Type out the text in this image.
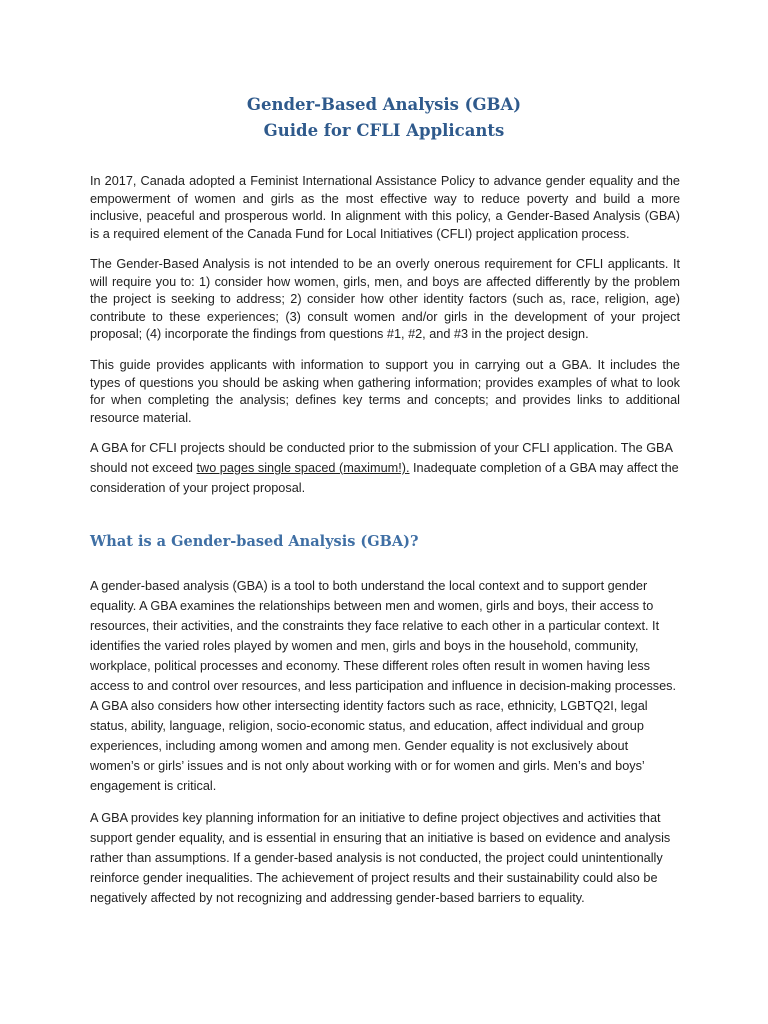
Gender-Based Analysis (GBA)
Guide for CFLI Applicants

In 2017, Canada adopted a Feminist International Assistance Policy to advance gender equality and the empowerment of women and girls as the most effective way to reduce poverty and build a more inclusive, peaceful and prosperous world. In alignment with this policy, a Gender-Based Analysis (GBA) is a required element of the Canada Fund for Local Initiatives (CFLI) project application process.

The Gender-Based Analysis is not intended to be an overly onerous requirement for CFLI applicants. It will require you to: 1) consider how women, girls, men, and boys are affected differently by the problem the project is seeking to address; 2) consider how other identity factors (such as, race, religion, age) contribute to these experiences; (3) consult women and/or girls in the development of your project proposal; (4) incorporate the findings from questions #1, #2, and #3 in the project design.

This guide provides applicants with information to support you in carrying out a GBA. It includes the types of questions you should be asking when gathering information; provides examples of what to look for when completing the analysis; defines key terms and concepts; and provides links to additional resource material.

A GBA for CFLI projects should be conducted prior to the submission of your CFLI application. The GBA should not exceed two pages single spaced (maximum!). Inadequate completion of a GBA may affect the consideration of your project proposal.

What is a Gender-based Analysis (GBA)?

A gender-based analysis (GBA) is a tool to both understand the local context and to support gender equality. A GBA examines the relationships between men and women, girls and boys, their access to resources, their activities, and the constraints they face relative to each other in a particular context. It identifies the varied roles played by women and men, girls and boys in the household, community, workplace, political processes and economy. These different roles often result in women having less access to and control over resources, and less participation and influence in decision-making processes. A GBA also considers how other intersecting identity factors such as race, ethnicity, LGBTQ2I, legal status, ability, language, religion, socio-economic status, and education, affect individual and group experiences, including among women and among men. Gender equality is not exclusively about women’s or girls’ issues and is not only about working with or for women and girls. Men’s and boys’ engagement is critical.

A GBA provides key planning information for an initiative to define project objectives and activities that support gender equality, and is essential in ensuring that an initiative is based on evidence and analysis rather than assumptions. If a gender-based analysis is not conducted, the project could unintentionally reinforce gender inequalities. The achievement of project results and their sustainability could also be negatively affected by not recognizing and addressing gender-based barriers to equality.
